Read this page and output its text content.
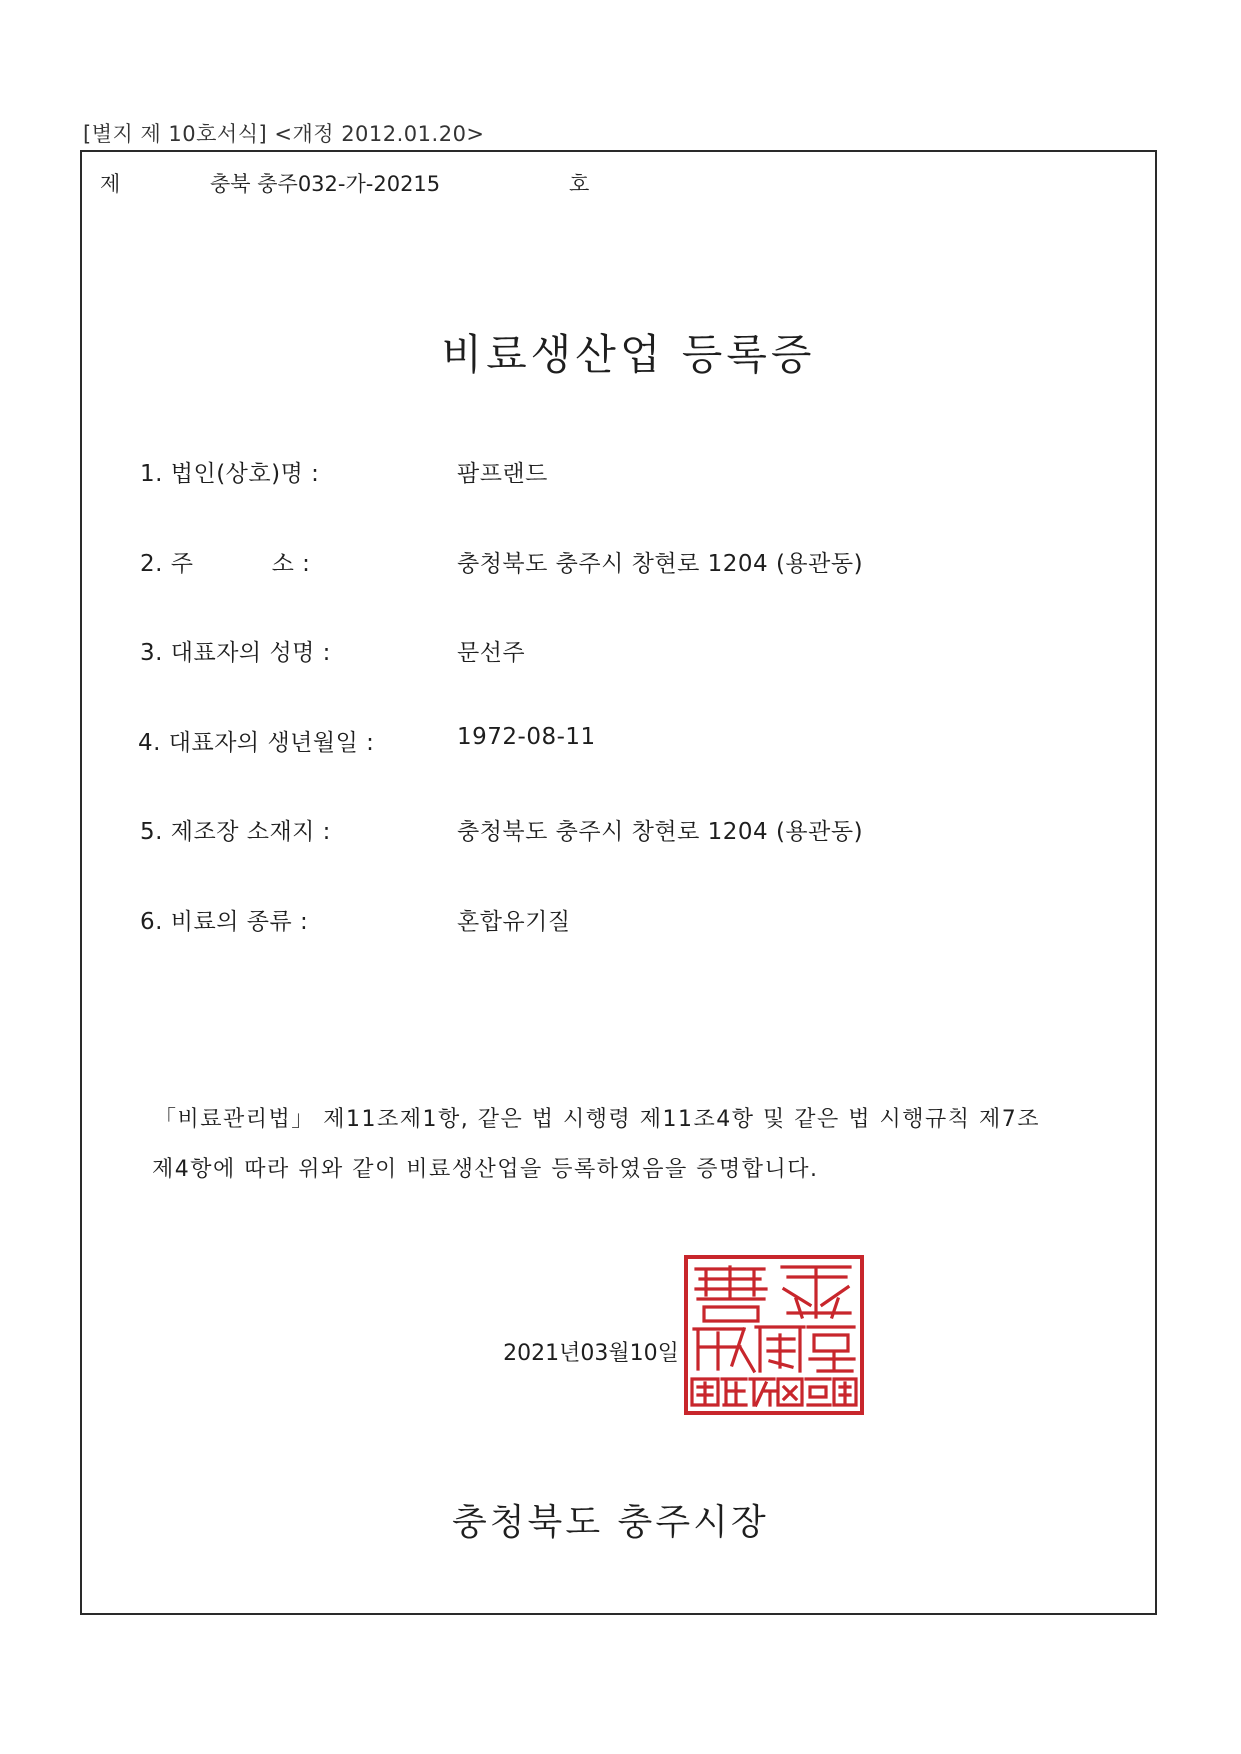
[별지 제 10호서식] <개정 2012.01.20>
제	충북 충주032-가-20215	호
비료생산업 등록증
1. 법인(상호)명 :	팜프랜드
2. 주          소 :	충청북도 충주시 창현로 1204 (용관동)
3. 대표자의 성명 :	문선주
4. 대표자의 생년월일 :	1972-08-11
5. 제조장 소재지 :	충청북도 충주시 창현로 1204 (용관동)
6. 비료의 종류 :	혼합유기질
「비료관리법」 제11조제1항, 같은 법 시행령 제11조4항 및 같은 법 시행규칙 제7조
제4항에 따라 위와 같이 비료생산업을 등록하였음을 증명합니다.
2021년03월10일
충청북도 충주시장
